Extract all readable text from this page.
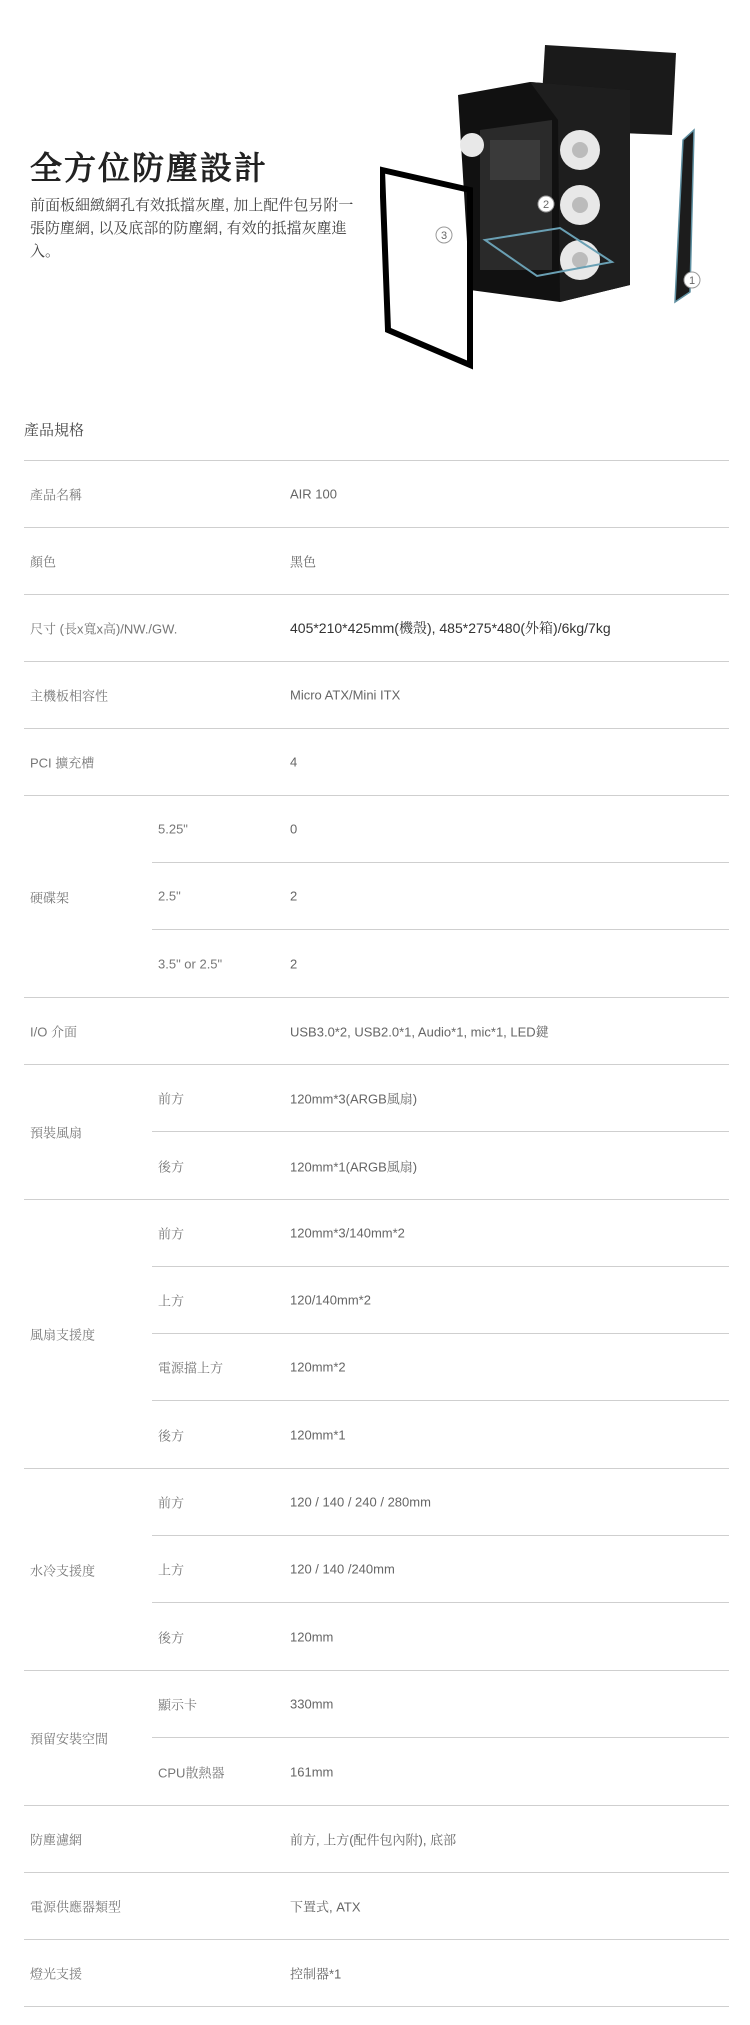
全方位防塵設計

前面板細緻網孔有效抵擋灰塵, 加上配件包另附一張防塵網, 以及底部的防塵網, 有效的抵擋灰塵進入。

3
2
1
產品規格
產品名稱	AIR 100
顏色	黑色
尺寸 (長x寬x高)/NW./GW.	405*210*425mm(機殼), 485*275*480(外箱)/6kg/7kg
主機板相容性	Micro ATX/Mini ITX
PCI 擴充槽	4
硬碟架
5.25"	0
2.5"	2
3.5" or 2.5"	2
I/O 介面	USB3.0*2, USB2.0*1, Audio*1, mic*1, LED鍵
預裝風扇
前方	120mm*3(ARGB風扇)
後方	120mm*1(ARGB風扇)
風扇支援度
前方	120mm*3/140mm*2
上方	120/140mm*2
電源擋上方	120mm*2
後方	120mm*1
水冷支援度
前方	120 / 140 / 240 / 280mm
上方	120 / 140 /240mm
後方	120mm
預留安裝空間
顯示卡	330mm
CPU散熱器	161mm
防塵濾網	前方, 上方(配件包內附), 底部
電源供應器類型	下置式, ATX
燈光支援	控制器*1
